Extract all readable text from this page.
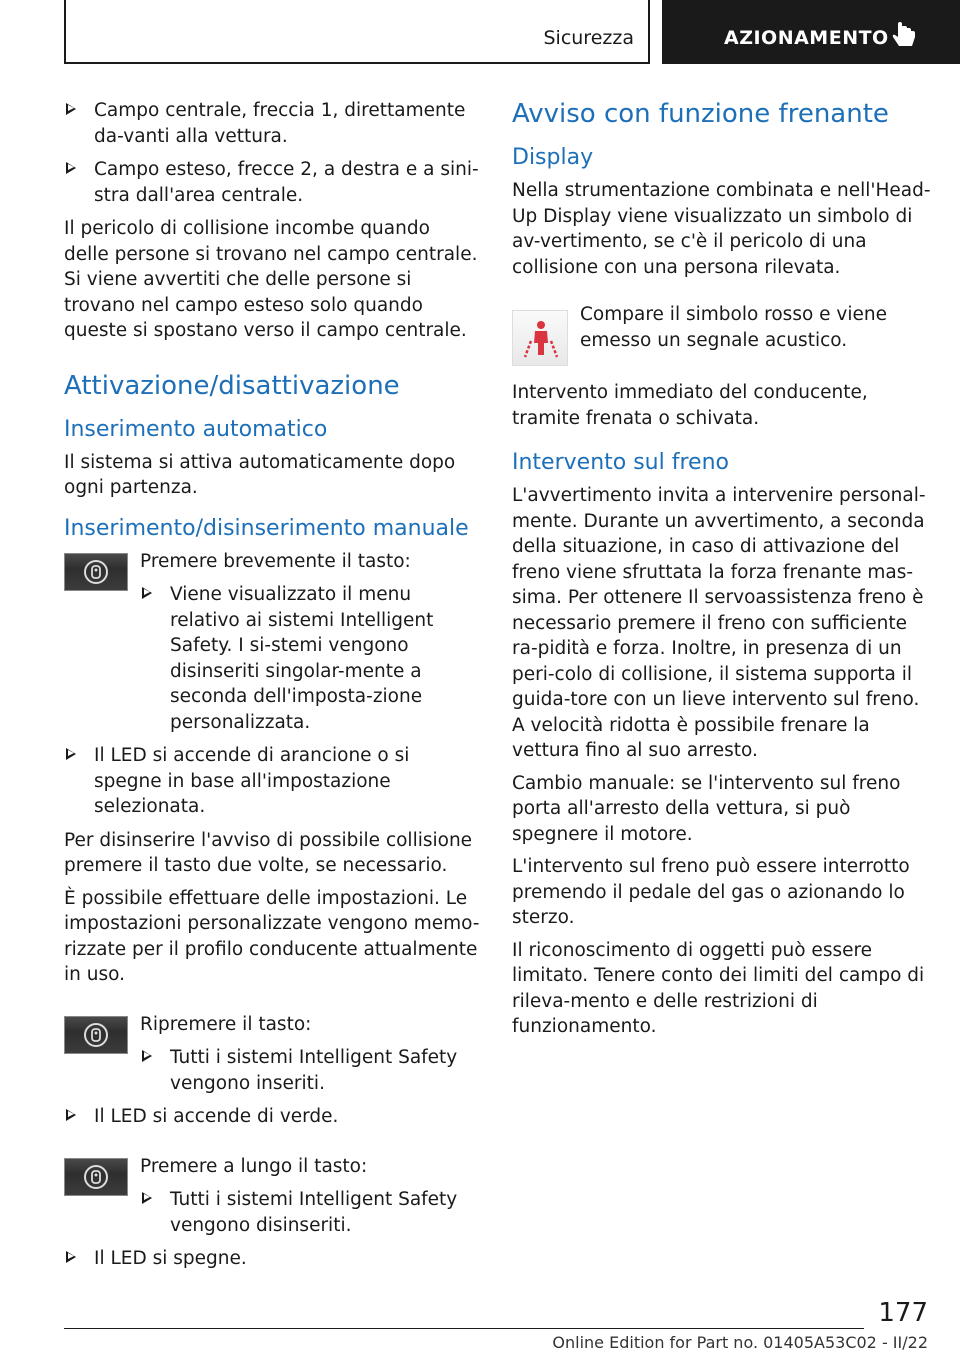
Sicurezza	AZIONAMENTO
Campo centrale, freccia 1, direttamente da-vanti alla vettura.
Campo esteso, frecce 2, a destra e a sini-stra dall'area centrale.

Il pericolo di collisione incombe quando delle persone si trovano nel campo centrale. Si viene avvertiti che delle persone si trovano nel campo esteso solo quando queste si spostano verso il campo centrale.

Attivazione/disattivazione
Inserimento automatico

Il sistema si attiva automaticamente dopo ogni partenza.

Inserimento/disinserimento manuale

Premere brevemente il tasto:

Viene visualizzato il menu relativo ai sistemi Intelligent Safety. I si-stemi vengono disinseriti singolar-mente a seconda dell'imposta-zione personalizzata.
Il LED si accende di arancione o si spegne in base all'impostazione selezionata.

Per disinserire l'avviso di possibile collisione premere il tasto due volte, se necessario.

È possibile effettuare delle impostazioni. Le impostazioni personalizzate vengono memo-rizzate per il profilo conducente attualmente in uso.

Ripremere il tasto:

Tutti i sistemi Intelligent Safety vengono inseriti.
Il LED si accende di verde.

Premere a lungo il tasto:

Tutti i sistemi Intelligent Safety vengono disinseriti.
Il LED si spegne.
Avviso con funzione frenante
Display

Nella strumentazione combinata e nell'Head-Up Display viene visualizzato un simbolo di av-vertimento, se c'è il pericolo di una collisione con una persona rilevata.

Compare il simbolo rosso e viene emesso un segnale acustico.

Intervento immediato del conducente, tramite frenata o schivata.

Intervento sul freno

L'avvertimento invita a intervenire personal-mente. Durante un avvertimento, a seconda della situazione, in caso di attivazione del freno viene sfruttata la forza frenante mas-sima. Per ottenere Il servoassistenza freno è necessario premere il freno con sufficiente ra-pidità e forza. Inoltre, in presenza di un peri-colo di collisione, il sistema supporta il guida-tore con un lieve intervento sul freno. A velocità ridotta è possibile frenare la vettura fino al suo arresto.

Cambio manuale: se l'intervento sul freno porta all'arresto della vettura, si può spegnere il motore.

L'intervento sul freno può essere interrotto premendo il pedale del gas o azionando lo sterzo.

Il riconoscimento di oggetti può essere limitato. Tenere conto dei limiti del campo di rileva-mento e delle restrizioni di funzionamento.

177
Online Edition for Part no. 01405A53C02 - II/22
